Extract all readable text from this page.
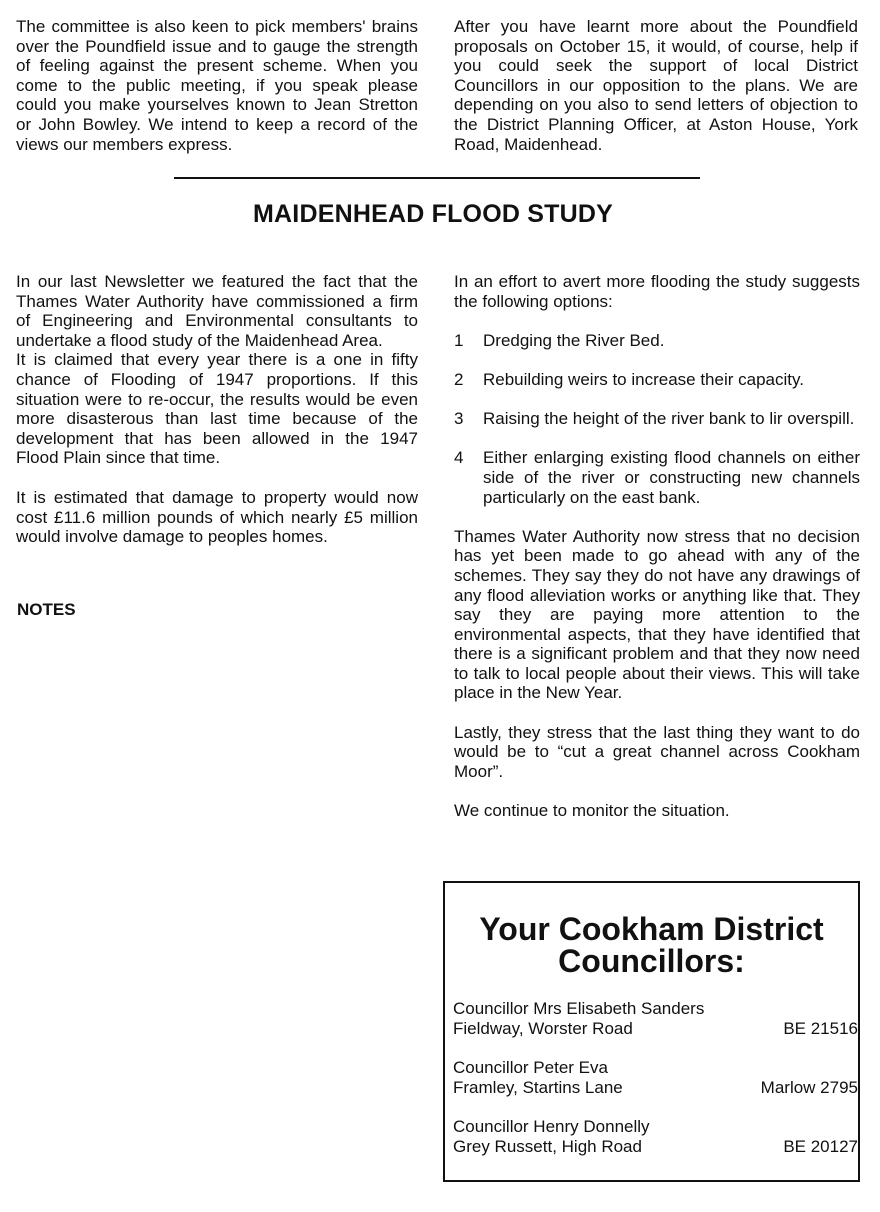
The committee is also keen to pick members' brains over the Poundfield issue and to gauge the strength of feeling against the present scheme. When you come to the public meeting, if you speak please could you make yourselves known to Jean Stretton or John Bowley. We intend to keep a record of the views our members express.

After you have learnt more about the Poundfield proposals on October 15, it would, of course, help if you could seek the support of local District Councillors in our opposition to the plans. We are depending on you also to send letters of objection to the District Planning Officer, at Aston House, York Road, Maidenhead.

MAIDENHEAD FLOOD STUDY

In our last Newsletter we featured the fact that the Thames Water Authority have commissioned a firm of Engineering and Environmental consultants to undertake a flood study of the Maidenhead Area.

It is claimed that every year there is a one in fifty chance of Flooding of 1947 proportions. If this situation were to re-occur, the results would be even more disasterous than last time because of the development that has been allowed in the 1947 Flood Plain since that time.

It is estimated that damage to property would now cost £11.6 million pounds of which nearly £5 million would involve damage to peoples homes.

NOTES

In an effort to avert more flooding the study suggests the following options:

1	Dredging the River Bed.
2	Rebuilding weirs to increase their capacity.
3	Raising the height of the river bank to lir overspill.
4	Either enlarging existing flood channels on either side of the river or constructing new channels particularly on the east bank.

Thames Water Authority now stress that no decision has yet been made to go ahead with any of the schemes. They say they do not have any drawings of any flood alleviation works or anything like that. They say they are paying more attention to the environmental aspects, that they have identified that there is a significant problem and that they now need to talk to local people about their views. This will take place in the New Year.

Lastly, they stress that the last thing they want to do would be to “cut a great channel across Cookham Moor”.

We continue to monitor the situation.

Your Cookham District
Councillors:
Councillor Mrs Elisabeth Sanders
Fieldway, Worster Road	BE 21516
Councillor Peter Eva
Framley, Startins Lane	Marlow 2795
Councillor Henry Donnelly
Grey Russett, High Road	BE 20127
